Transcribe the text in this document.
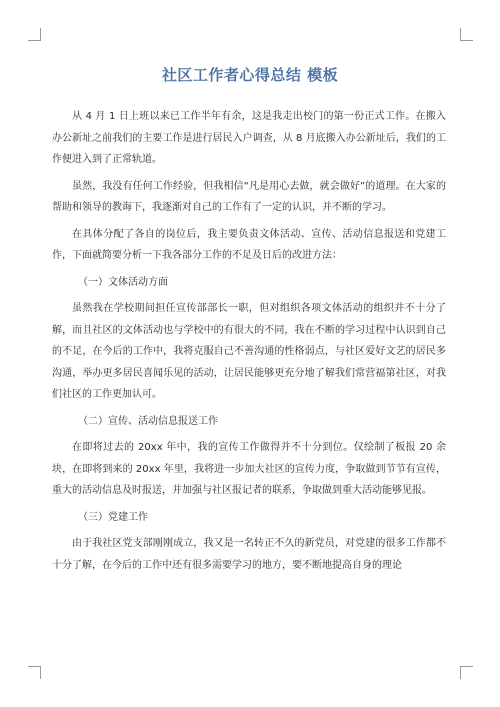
社区工作者心得总结 模板

从 4 月 1 日上班以来已工作半年有余，这是我走出校门的第一份正式工作。在搬入办公新址之前我们的主要工作是进行居民入户调查，从 8 月底搬入办公新址后，我们的工作便进入到了正常轨道。

虽然，我没有任何工作经验，但我相信“凡是用心去做，就会做好”的道理。在大家的帮助和领导的教诲下，我逐渐对自己的工作有了一定的认识，并不断的学习。

在具体分配了各自的岗位后，我主要负责文体活动、宣传、活动信息报送和党建工作，下面就简要分析一下我各部分工作的不足及日后的改进方法：

（一）文体活动方面

虽然我在学校期间担任宣传部部长一职，但对组织各项文体活动的组织并不十分了解，而且社区的文体活动也与学校中的有很大的不同，我在不断的学习过程中认识到自己的不足，在今后的工作中，我将克服自己不善沟通的性格弱点，与社区爱好文艺的居民多沟通，举办更多居民喜闻乐见的活动，让居民能够更充分地了解我们常营福第社区，对我们社区的工作更加认可。

（二）宣传、活动信息报送工作

在即将过去的 20xx 年中，我的宣传工作做得并不十分到位。仅绘制了板报 20 余块，在即将到来的 20xx 年里，我将进一步加大社区的宣传力度，争取做到节节有宣传，重大的活动信息及时报送，并加强与社区报记者的联系，争取做到重大活动能够见报。

（三）党建工作

由于我社区党支部刚刚成立，我又是一名转正不久的新党员，对党建的很多工作都不十分了解，在今后的工作中还有很多需要学习的地方，要不断地提高自身的理论
